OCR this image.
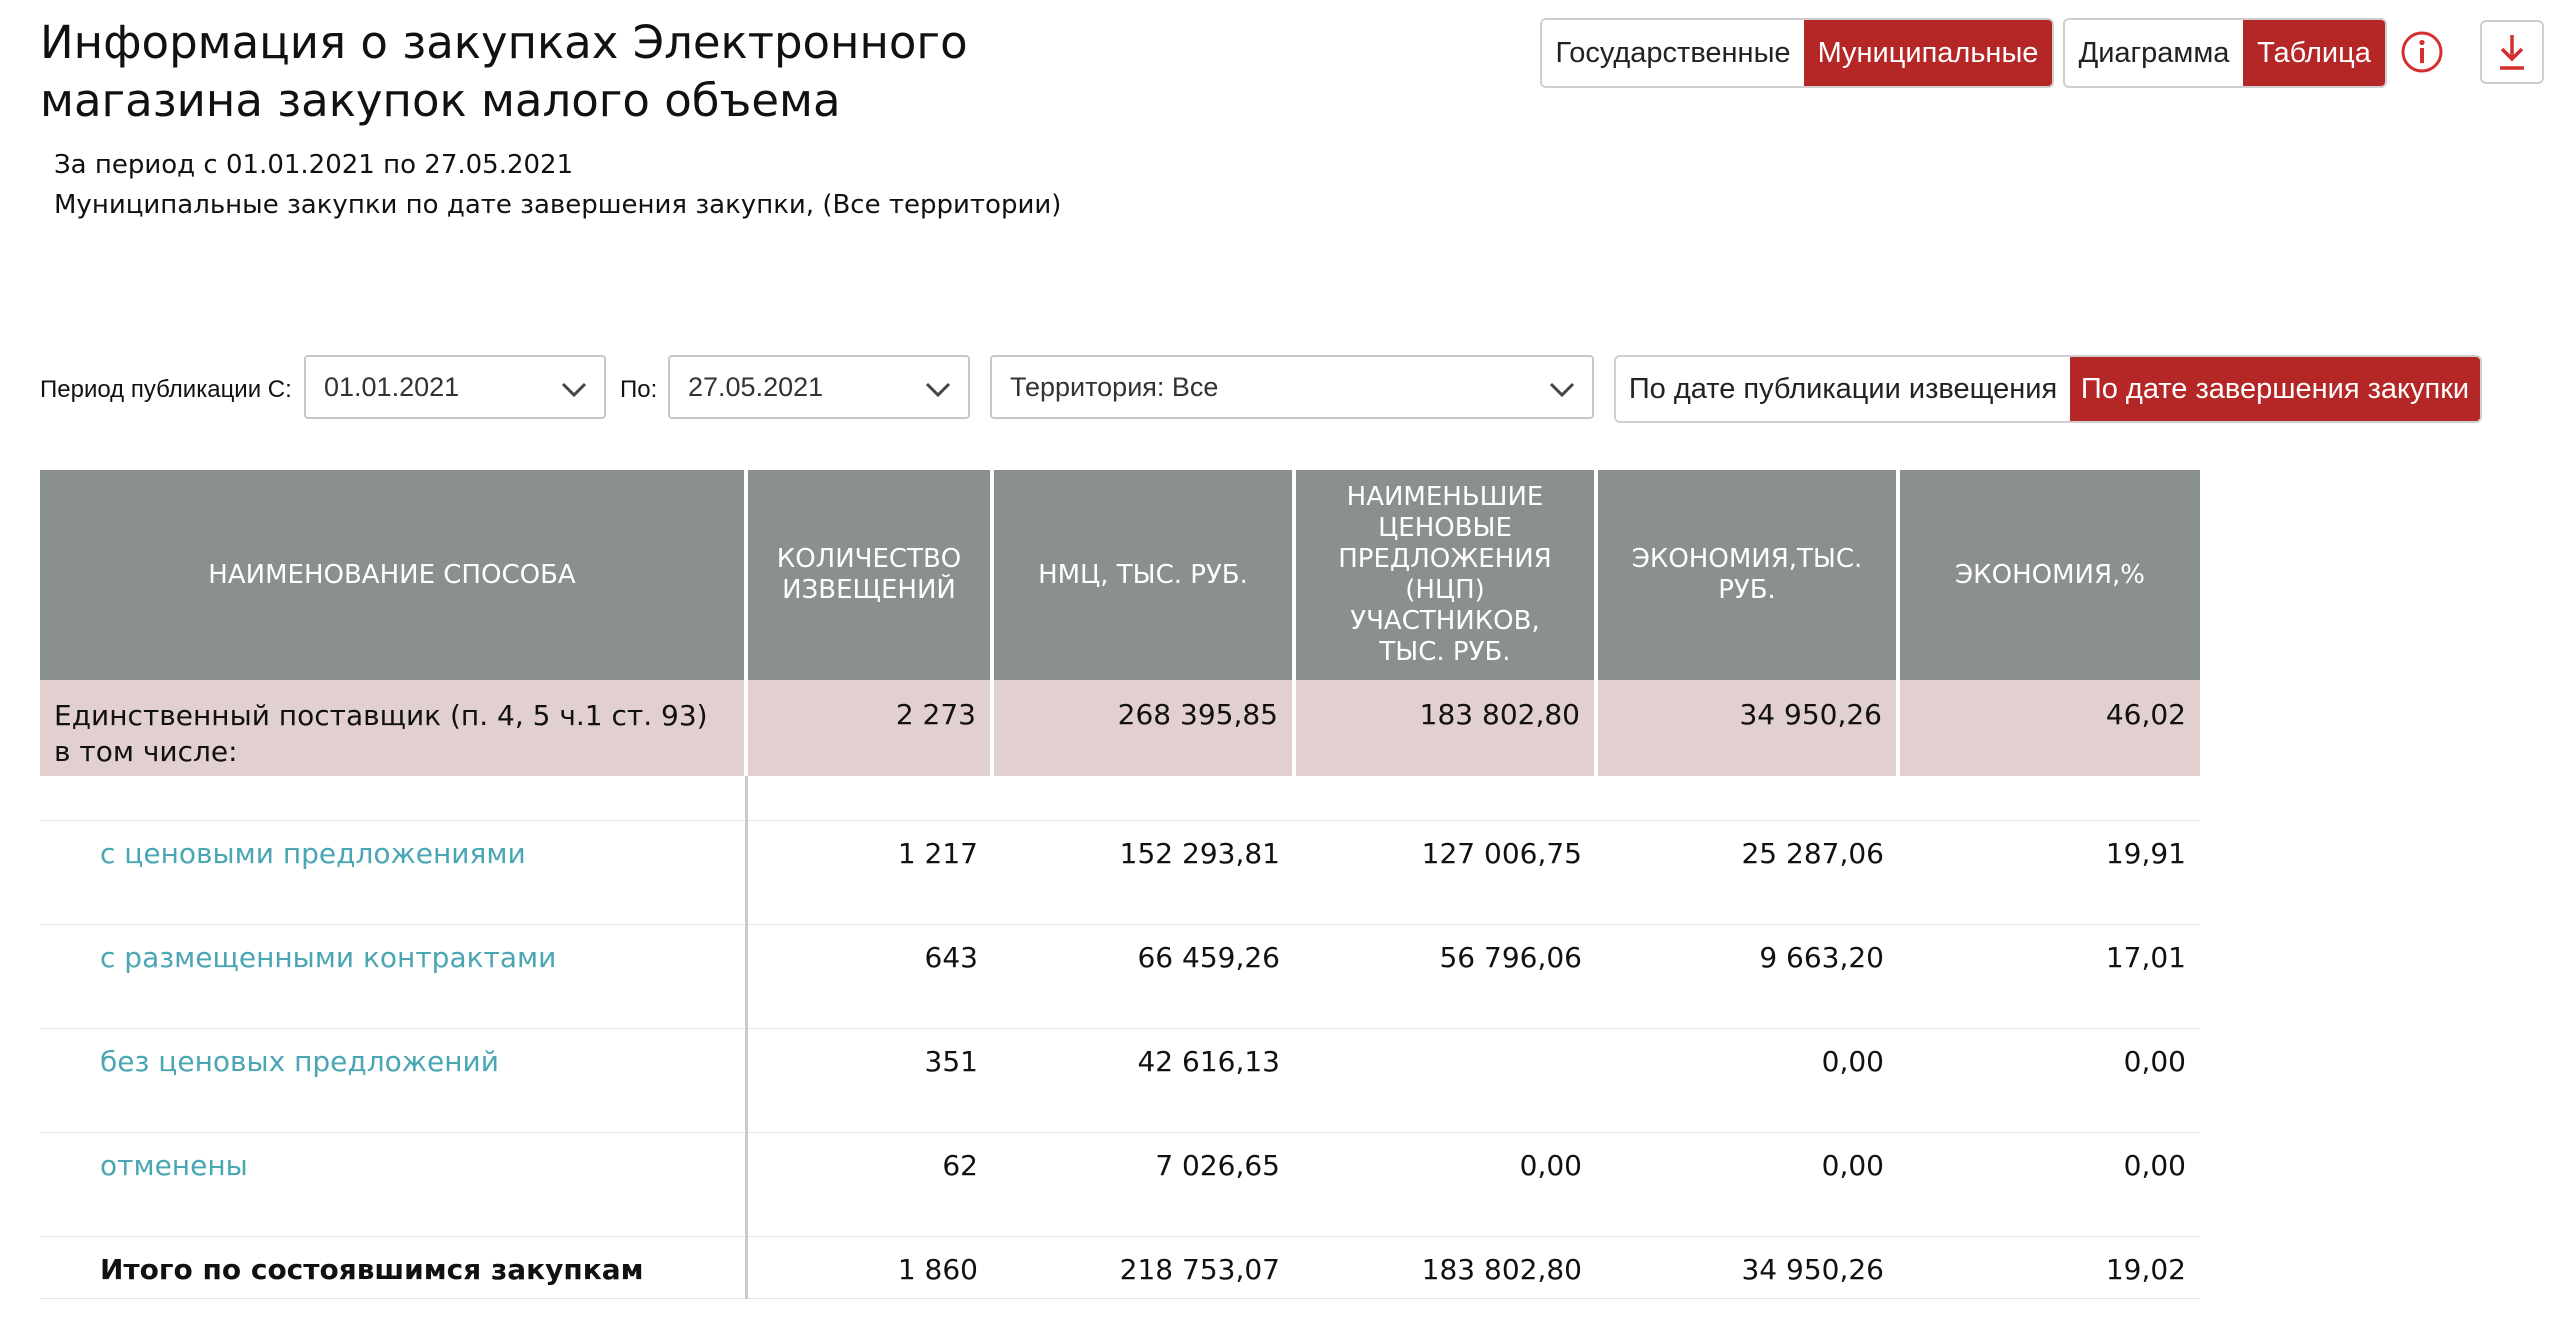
Информация о закупках Электронного магазина закупок малого объема
За период с 01.01.2021 по 27.05.2021
Муниципальные закупки по дате завершения закупки, (Все территории)
Государственные Муниципальные	Диаграмма Таблица
Период публикации С: 01.01.2021	По: 27.05.2021	Территория: Все	По дате публикации извещения По дате завершения закупки
НАИМЕНОВАНИЕ СПОСОБА	КОЛИЧЕСТВО ИЗВЕЩЕНИЙ	НМЦ, ТЫС. РУБ.	НАИМЕНЬШИЕ ЦЕНОВЫЕ ПРЕДЛОЖЕНИЯ (НЦП) УЧАСТНИКОВ, ТЫС. РУБ.	ЭКОНОМИЯ,ТЫС. РУБ.	ЭКОНОМИЯ,%
Единственный поставщик (п. 4, 5 ч.1 ст. 93) в том числе:	2 273	268 395,85	183 802,80	34 950,26	46,02

с ценовыми предложениями	1 217	152 293,81	127 006,75	25 287,06	19,91
с размещенными контрактами	643	66 459,26	56 796,06	9 663,20	17,01
без ценовых предложений	351	42 616,13		0,00	0,00
отменены	62	7 026,65	0,00	0,00	0,00
Итого по состоявшимся закупкам	1 860	218 753,07	183 802,80	34 950,26	19,02
